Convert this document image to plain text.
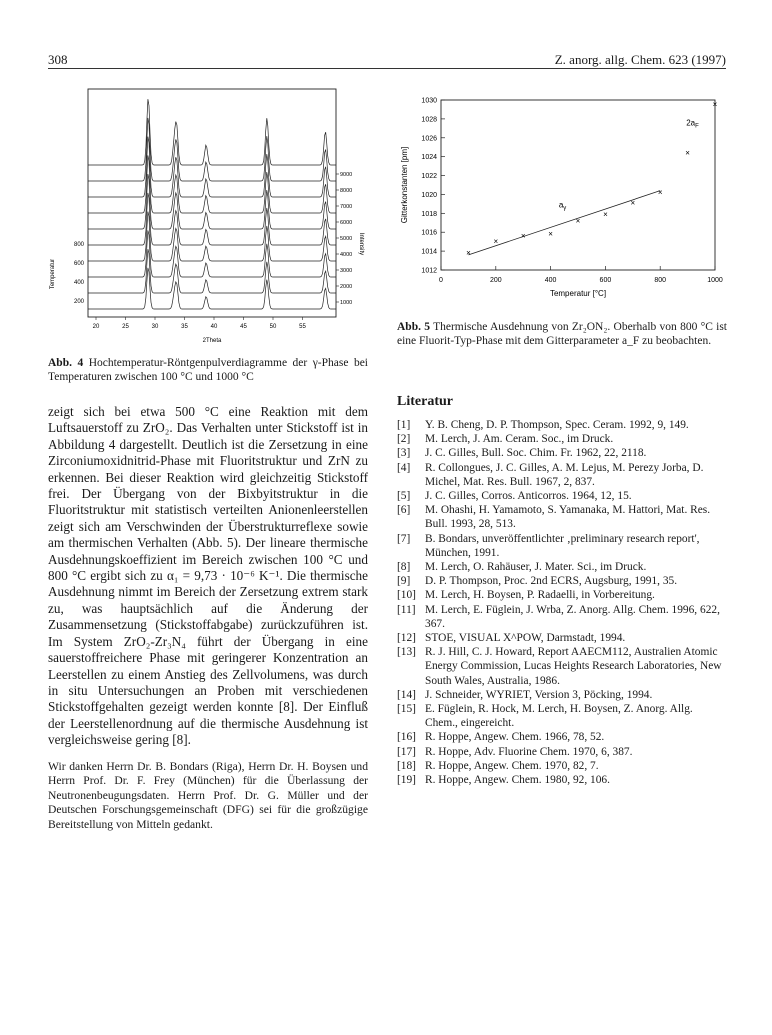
308	Z. anorg. allg. Chem. 623 (1997)
800
600
400
200
9000
8000
7000
6000
5000
4000
3000
2000
1000
20	25	30	35	40	45	50	55
Temperatur
Intensity
2Theta
Abb. 4 Hochtemperatur-Röntgenpulverdiagramme der γ-Phase bei Temperaturen zwischen 100 °C und 1000 °C
1012
1014
1016
1018
1020
1022
1024
1026
1028
1030
0	200	400	600	800	1000
×
×
×	×
×
×
×
×
×
×
$a_\gamma$
$2a_F$
Gitterkonstanten [pm]
Temperatur [°C]
Abb. 5 Thermische Ausdehnung von Zr₂ON₂. Oberhalb von 800 °C ist eine Fluorit-Typ-Phase mit dem Gitterparameter a_F zu beobachten.
zeigt sich bei etwa 500 °C eine Reaktion mit dem Luftsauerstoff zu ZrO₂. Das Verhalten unter Stickstoff ist in Abbildung 4 dargestellt. Deutlich ist die Zersetzung in eine Zirconiumoxidnitrid-Phase mit Fluoritstruktur und ZrN zu erkennen. Bei dieser Reaktion wird gleichzeitig Stickstoff frei. Der Übergang von der Bixbyitstruktur in die Fluoritstruktur mit statistisch verteilten Anionenleerstellen zeigt sich am Verschwinden der Überstrukturreflexe sowie am thermischen Verhalten (Abb. 5). Der lineare thermische Ausdehnungskoeffizient im Bereich zwischen 100 °C und 800 °C ergibt sich zu α₁ = 9,73 · 10⁻⁶ K⁻¹. Die thermische Ausdehnung nimmt im Bereich der Zersetzung extrem stark zu, was hauptsächlich auf die Änderung der Zusammensetzung (Stickstoffabgabe) zurückzuführen ist. Im System ZrO₂-Zr₃N₄ führt der Übergang in eine sauerstoffreichere Phase mit geringerer Konzentration an Leerstellen zu einem Anstieg des Zellvolumens, was durch in situ Untersuchungen an Proben mit verschiedenen Stickstoffgehalten gezeigt werden konnte [8]. Der Einfluß der Leerstellenordnung auf die thermische Ausdehnung ist vergleichsweise gering [8].
Wir danken Herrn Dr. B. Bondars (Riga), Herrn Dr. H. Boysen und Herrn Prof. Dr. F. Frey (München) für die Überlassung der Neutronenbeugungsdaten. Herrn Prof. Dr. G. Müller und der Deutschen Forschungsgemeinschaft (DFG) sei für die großzügige Bereitstellung von Mitteln gedankt.
Literatur
[1]	Y. B. Cheng, D. P. Thompson, Spec. Ceram. 1992, 9, 149.
[2]	M. Lerch, J. Am. Ceram. Soc., im Druck.
[3]	J. C. Gilles, Bull. Soc. Chim. Fr. 1962, 22, 2118.
[4]	R. Collongues, J. C. Gilles, A. M. Lejus, M. Perezy Jorba, D. Michel, Mat. Res. Bull. 1967, 2, 837.
[5]	J. C. Gilles, Corros. Anticorros. 1964, 12, 15.
[6]	M. Ohashi, H. Yamamoto, S. Yamanaka, M. Hattori, Mat. Res. Bull. 1993, 28, 513.
[7]	B. Bondars, unveröffentlichter ‚preliminary research report', München, 1991.
[8]	M. Lerch, O. Rahäuser, J. Mater. Sci., im Druck.
[9]	D. P. Thompson, Proc. 2nd ECRS, Augsburg, 1991, 35.
[10] M. Lerch, H. Boysen, P. Radaelli, in Vorbereitung.
[11] M. Lerch, E. Füglein, J. Wrba, Z. Anorg. Allg. Chem. 1996, 622, 367.
[12] STOE, VISUAL X^POW, Darmstadt, 1994.
[13] R. J. Hill, C. J. Howard, Report AAECM112, Australien Atomic Energy Commission, Lucas Heights Research Laboratories, New South Wales, Australia, 1986.
[14] J. Schneider, WYRIET, Version 3, Pöcking, 1994.
[15] E. Füglein, R. Hock, M. Lerch, H. Boysen, Z. Anorg. Allg. Chem., eingereicht.
[16] R. Hoppe, Angew. Chem. 1966, 78, 52.
[17] R. Hoppe, Adv. Fluorine Chem. 1970, 6, 387.
[18] R. Hoppe, Angew. Chem. 1970, 82, 7.
[19] R. Hoppe, Angew. Chem. 1980, 92, 106.
